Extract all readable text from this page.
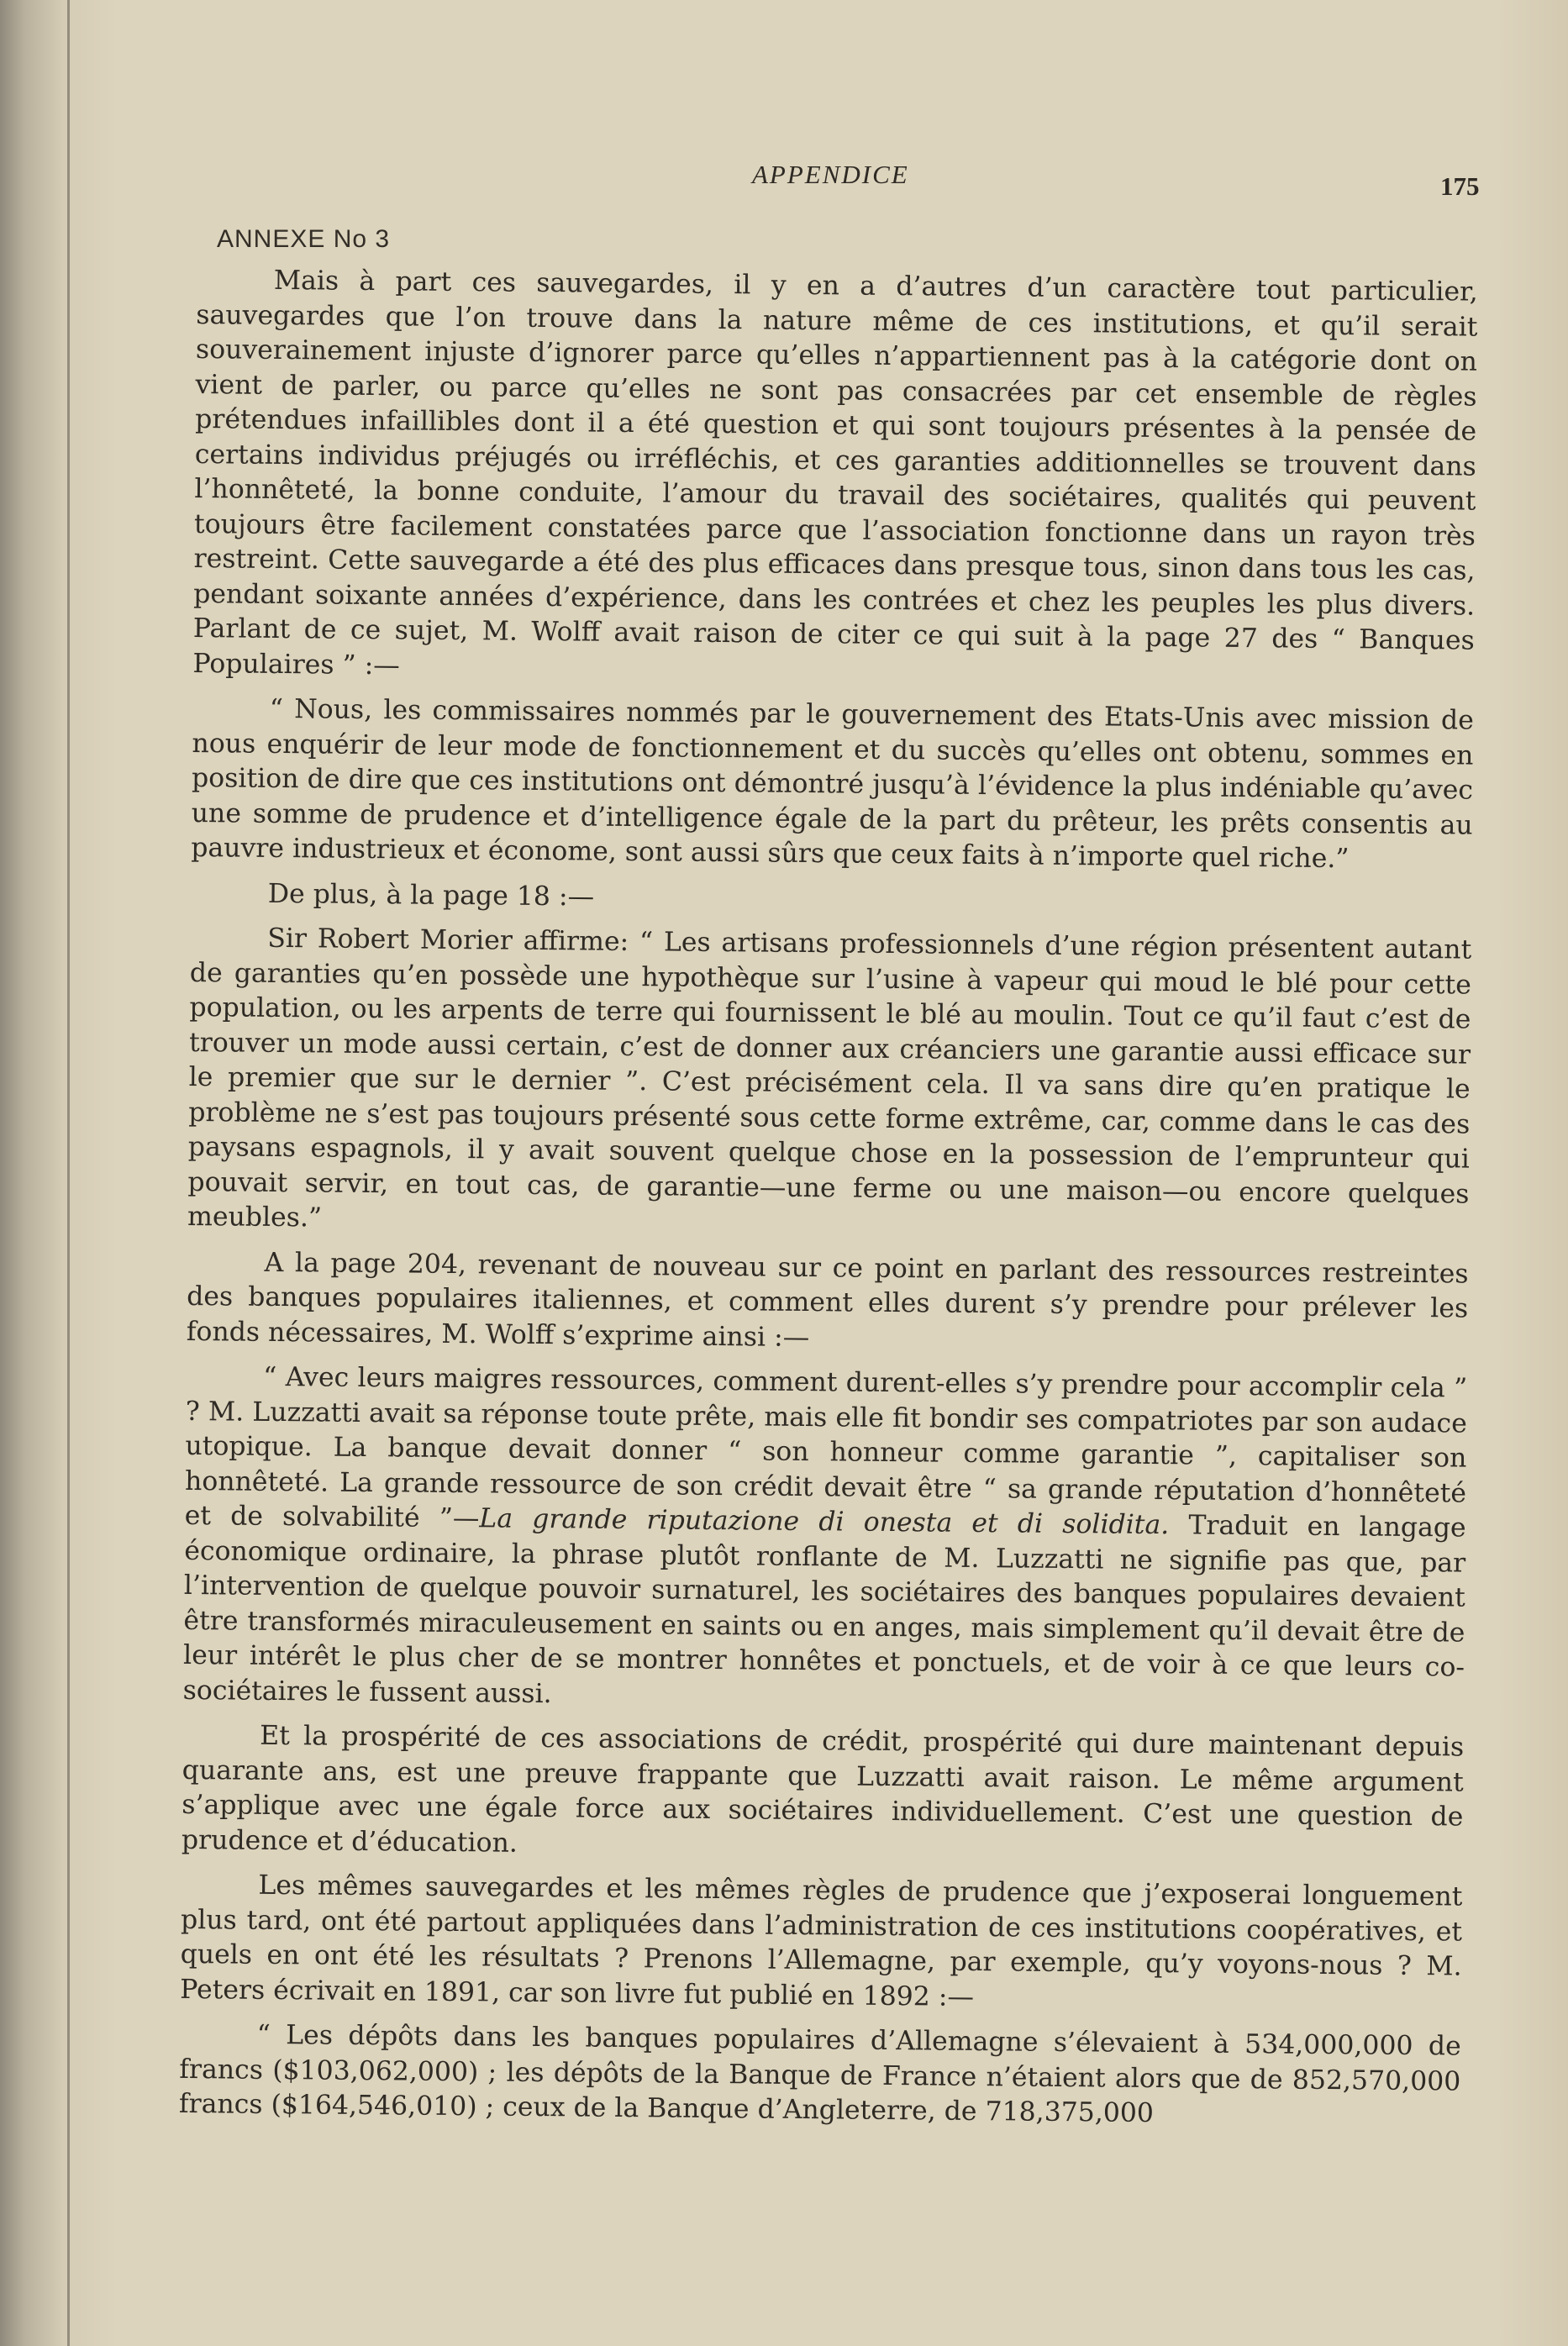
APPENDICE	175
ANNEXE No 3

Mais à part ces sauvegardes, il y en a d’autres d’un caractère tout particulier, sauvegardes que l’on trouve dans la nature même de ces institutions, et qu’il serait souverainement injuste d’ignorer parce qu’elles n’appartiennent pas à la catégorie dont on vient de parler, ou parce qu’elles ne sont pas consacrées par cet ensemble de règles prétendues infaillibles dont il a été question et qui sont toujours présentes à la pensée de certains individus préjugés ou irréfléchis, et ces garanties additionnelles se trouvent dans l’honnêteté, la bonne conduite, l’amour du travail des sociétaires, qualités qui peuvent toujours être facilement constatées parce que l’association fonctionne dans un rayon très restreint. Cette sauvegarde a été des plus efficaces dans presque tous, sinon dans tous les cas, pendant soixante années d’expérience, dans les contrées et chez les peuples les plus divers. Parlant de ce sujet, M. Wolff avait raison de citer ce qui suit à la page 27 des “ Banques Populaires ” :—

“ Nous, les commissaires nommés par le gouvernement des Etats-Unis avec mission de nous enquérir de leur mode de fonctionnement et du succès qu’elles ont obtenu, sommes en position de dire que ces institutions ont démontré jusqu’à l’évidence la plus indéniable qu’avec une somme de prudence et d’intelligence égale de la part du prêteur, les prêts consentis au pauvre industrieux et économe, sont aussi sûrs que ceux faits à n’importe quel riche.”

De plus, à la page 18 :—

Sir Robert Morier affirme: “ Les artisans professionnels d’une région présentent autant de garanties qu’en possède une hypothèque sur l’usine à vapeur qui moud le blé pour cette population, ou les arpents de terre qui fournissent le blé au moulin. Tout ce qu’il faut c’est de trouver un mode aussi certain, c’est de donner aux créanciers une garantie aussi efficace sur le premier que sur le dernier ”. C’est précisément cela. Il va sans dire qu’en pratique le problème ne s’est pas toujours présenté sous cette forme extrême, car, comme dans le cas des paysans espagnols, il y avait souvent quelque chose en la possession de l’emprunteur qui pouvait servir, en tout cas, de garantie—une ferme ou une maison—ou encore quelques meubles.”

A la page 204, revenant de nouveau sur ce point en parlant des ressources restreintes des banques populaires italiennes, et comment elles durent s’y prendre pour prélever les fonds nécessaires, M. Wolff s’exprime ainsi :—

“ Avec leurs maigres ressources, comment durent-elles s’y prendre pour accomplir cela ” ? M. Luzzatti avait sa réponse toute prête, mais elle fit bondir ses compatriotes par son audace utopique. La banque devait donner “ son honneur comme garantie ”, capitaliser son honnêteté. La grande ressource de son crédit devait être “ sa grande réputation d’honnêteté et de solvabilité ”—La grande riputazione di onesta et di solidita. Traduit en langage économique ordinaire, la phrase plutôt ronflante de M. Luzzatti ne signifie pas que, par l’intervention de quelque pouvoir surnaturel, les sociétaires des banques populaires devaient être transformés miraculeusement en saints ou en anges, mais simplement qu’il devait être de leur intérêt le plus cher de se montrer honnêtes et ponctuels, et de voir à ce que leurs co-sociétaires le fussent aussi.

Et la prospérité de ces associations de crédit, prospérité qui dure maintenant depuis quarante ans, est une preuve frappante que Luzzatti avait raison. Le même argument s’applique avec une égale force aux sociétaires individuellement. C’est une question de prudence et d’éducation.

Les mêmes sauvegardes et les mêmes règles de prudence que j’exposerai longuement plus tard, ont été partout appliquées dans l’administration de ces institutions coopératives, et quels en ont été les résultats ? Prenons l’Allemagne, par exemple, qu’y voyons-nous ? M. Peters écrivait en 1891, car son livre fut publié en 1892 :—

“ Les dépôts dans les banques populaires d’Allemagne s’élevaient à 534,000,000 de francs ($103,062,000) ; les dépôts de la Banque de France n’étaient alors que de 852,570,000 francs ($164,546,010) ; ceux de la Banque d’Angleterre, de 718,375,000
